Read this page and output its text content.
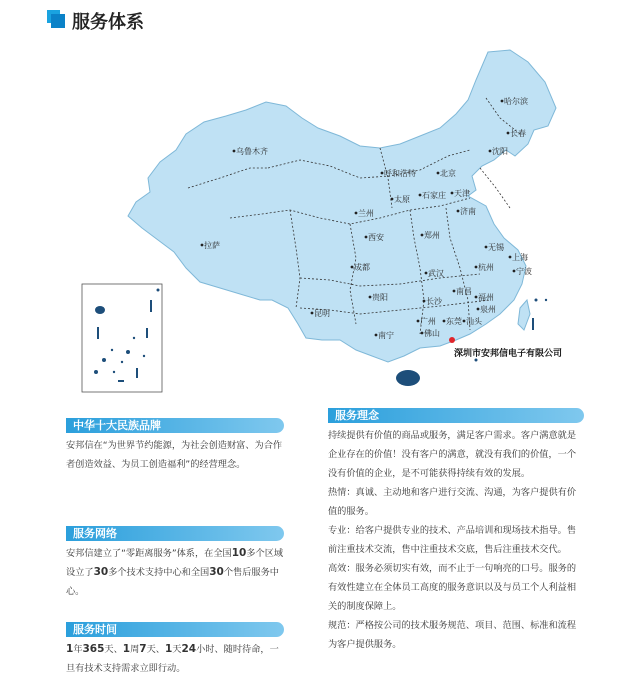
服务体系
哈尔滨
长春
沈阳
乌鲁木齐
呼和浩特	北京
天津
太原 石家庄
济南
兰州
西安	郑州
拉萨
成都
无锡
上海
武汉
杭州	宁波
南昌
贵阳	长沙	福州
泉州
昆明
广州 东莞 汕头
佛山
南宁
深圳市安邦信电子有限公司
中华十大民族品牌

安邦信在“为世界节约能源，为社会创造财富、为合作者创造效益、为员工创造福利”的经营理念。

服务网络

安邦信建立了“零距离服务”体系，在全国10多个区域设立了30多个技术支持中心和全国30个售后服务中心。

服务时间

1年365天、1周7天、1天24小时、随时待命，一旦有技术支持需求立即行动。

服务理念

持续提供有价值的商品或服务，满足客户需求。客户满意就是企业存在的价值！没有客户的满意，就没有我们的价值，一个没有价值的企业，是不可能获得持续有效的发展。

热情：真诚、主动地和客户进行交流、沟通，为客户提供有价值的服务。

专业：给客户提供专业的技术、产品培训和现场技术指导。售前注重技术交流，售中注重技术交底，售后注重技术交代。

高效：服务必须切实有效，而不止于一句响亮的口号。服务的有效性建立在全体员工高度的服务意识以及与员工个人利益相关的制度保障上。

规范：严格按公司的技术服务规范、项目、范围、标准和流程为客户提供服务。
